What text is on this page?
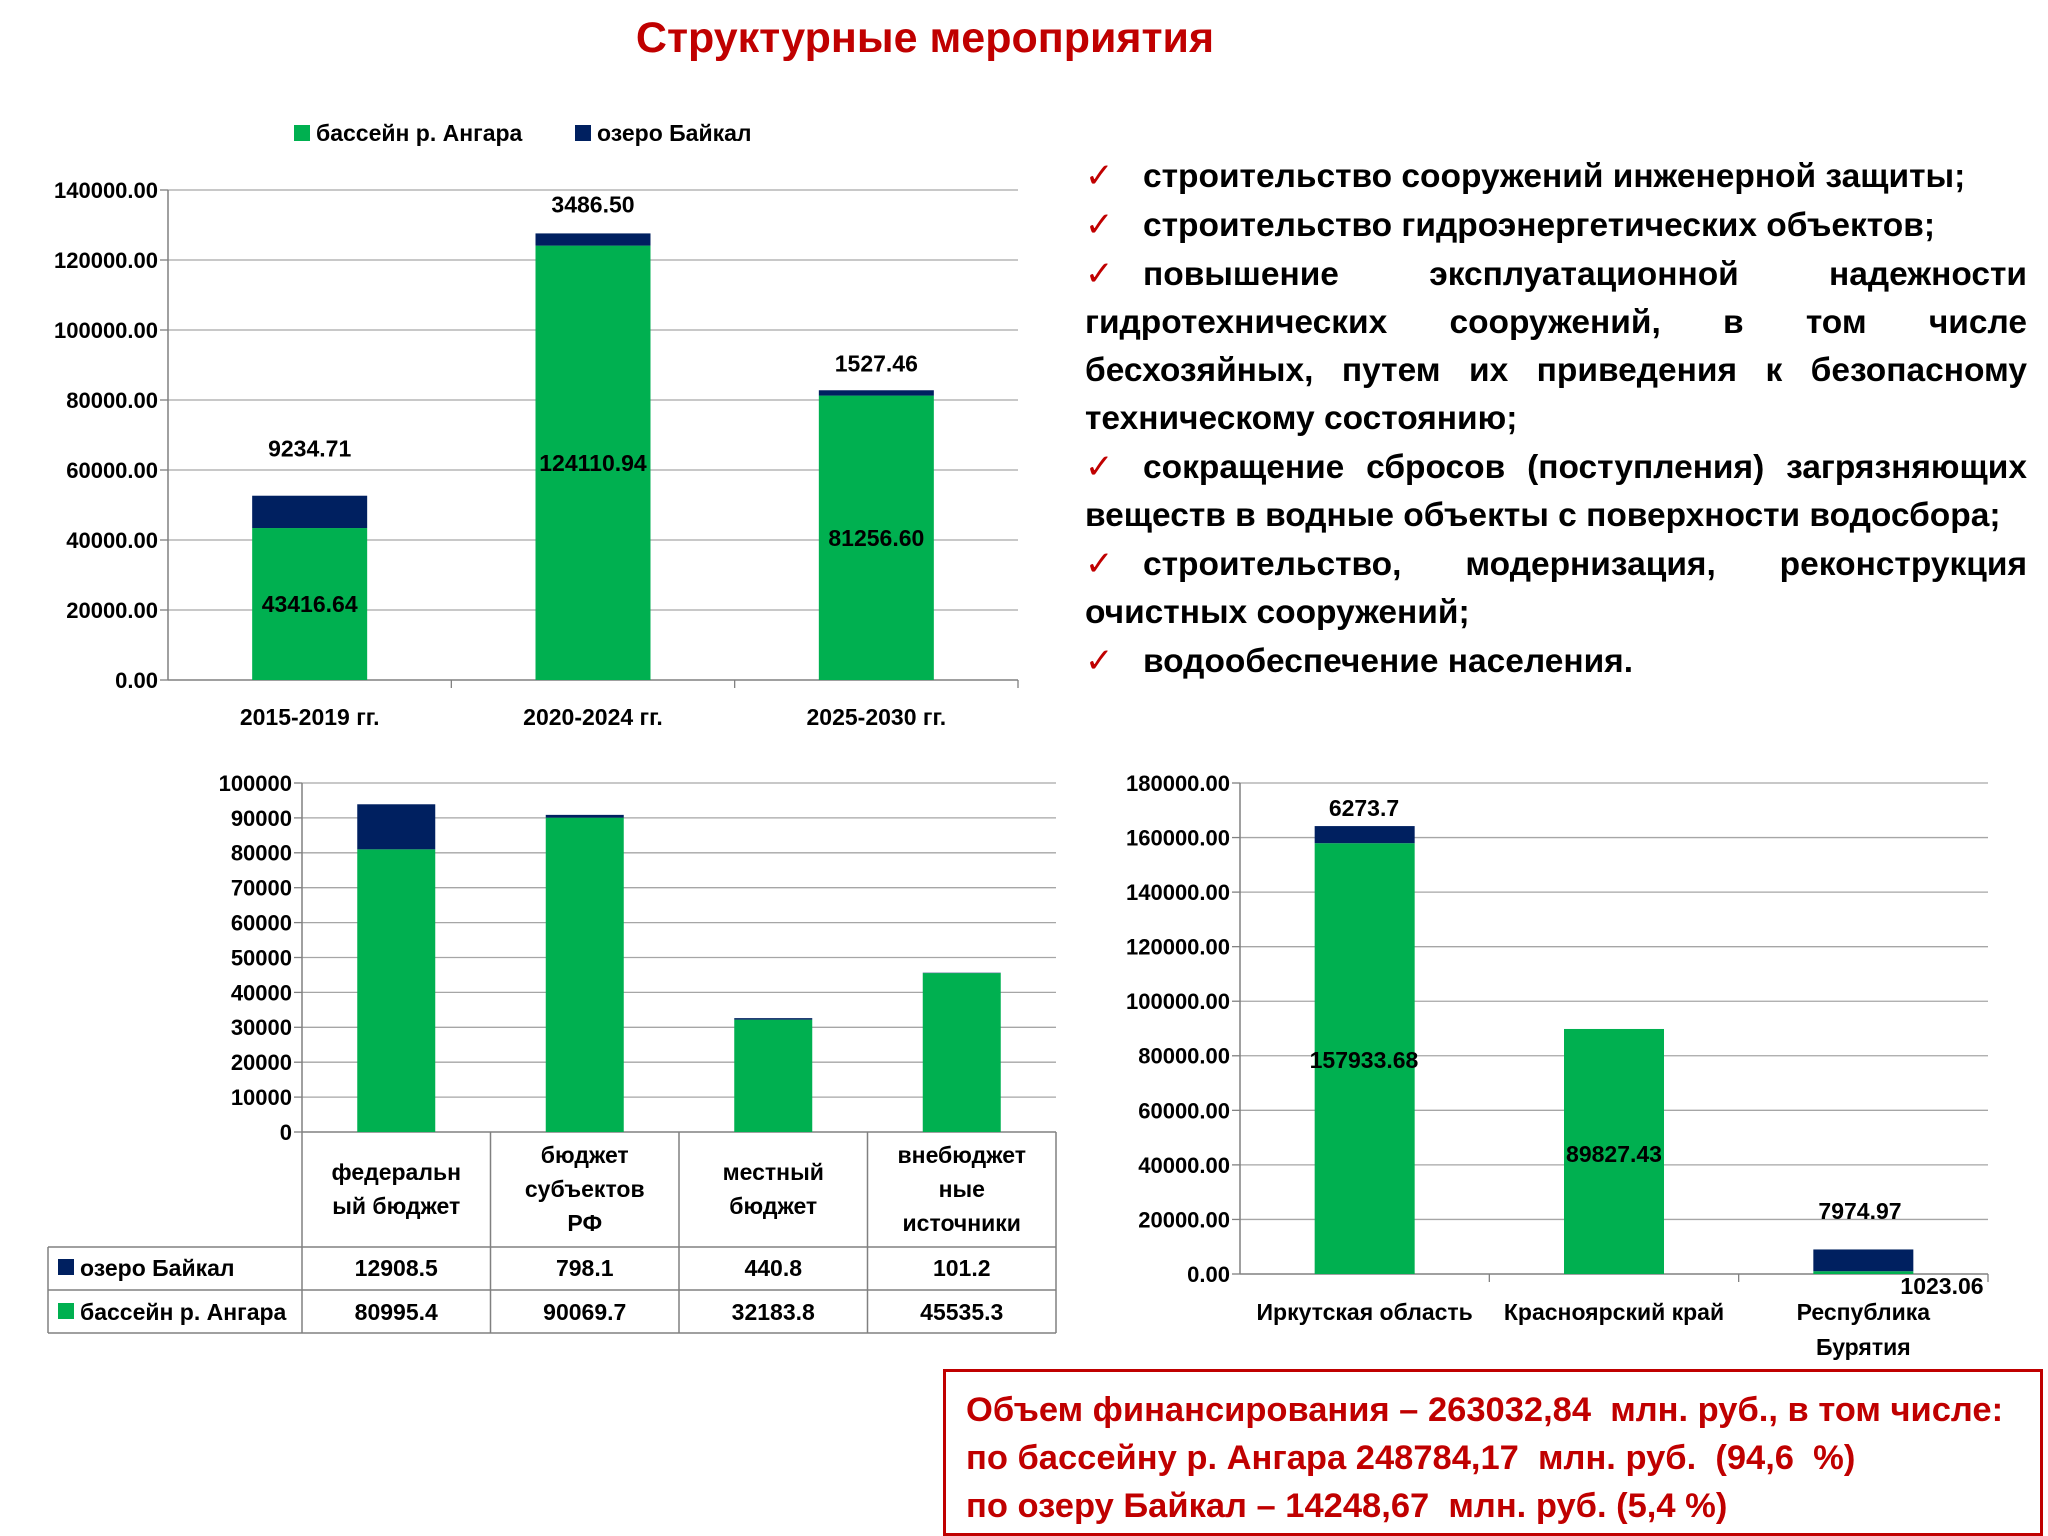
Структурные мероприятия
0.00
20000.00
40000.00
60000.00
80000.00
100000.00
120000.00
140000.00
43416.64
9234.71
2015-2019 гг.
124110.94
3486.50
2020-2024 гг.
81256.60
1527.46
2025-2030 гг.
бассейн р. Ангара	озеро Байкал
0
10000
20000
30000
40000
50000
60000
70000
80000
90000
100000
федеральн
ый бюджет
бюджет
субъектов
РФ
местный
бюджет
внебюджет
ные
источники
озеро Байкал
бассейн р. Ангара
12908.5
80995.4
798.1
90069.7
440.8
32183.8
101.2
45535.3
0.00
20000.00
40000.00
60000.00
80000.00
100000.00
120000.00
140000.00
160000.00
180000.00
Иркутская область Красноярский край	Республика
Бурятия
157933.68
6273.7
89827.43
7974.97
1023.06
✓ строительство сооружений инженерной защиты;
✓ строительство гидроэнергетических объектов;
✓ повышение эксплуатационной надежности гидротехнических сооружений, в том числе бесхозяйных, путем их приведения к безопасному техническому состоянию;
✓ сокращение сбросов (поступления) загрязняющих веществ в водные объекты с поверхности водосбора;
✓ строительство, модернизация, реконструкция очистных сооружений;
✓ водообеспечение населения.
Объем финансирования – 263032,84  млн. руб., в том числе:
по бассейну р. Ангара 248784,17  млн. руб.  (94,6  %)
по озеру Байкал – 14248,67  млн. руб. (5,4 %)
